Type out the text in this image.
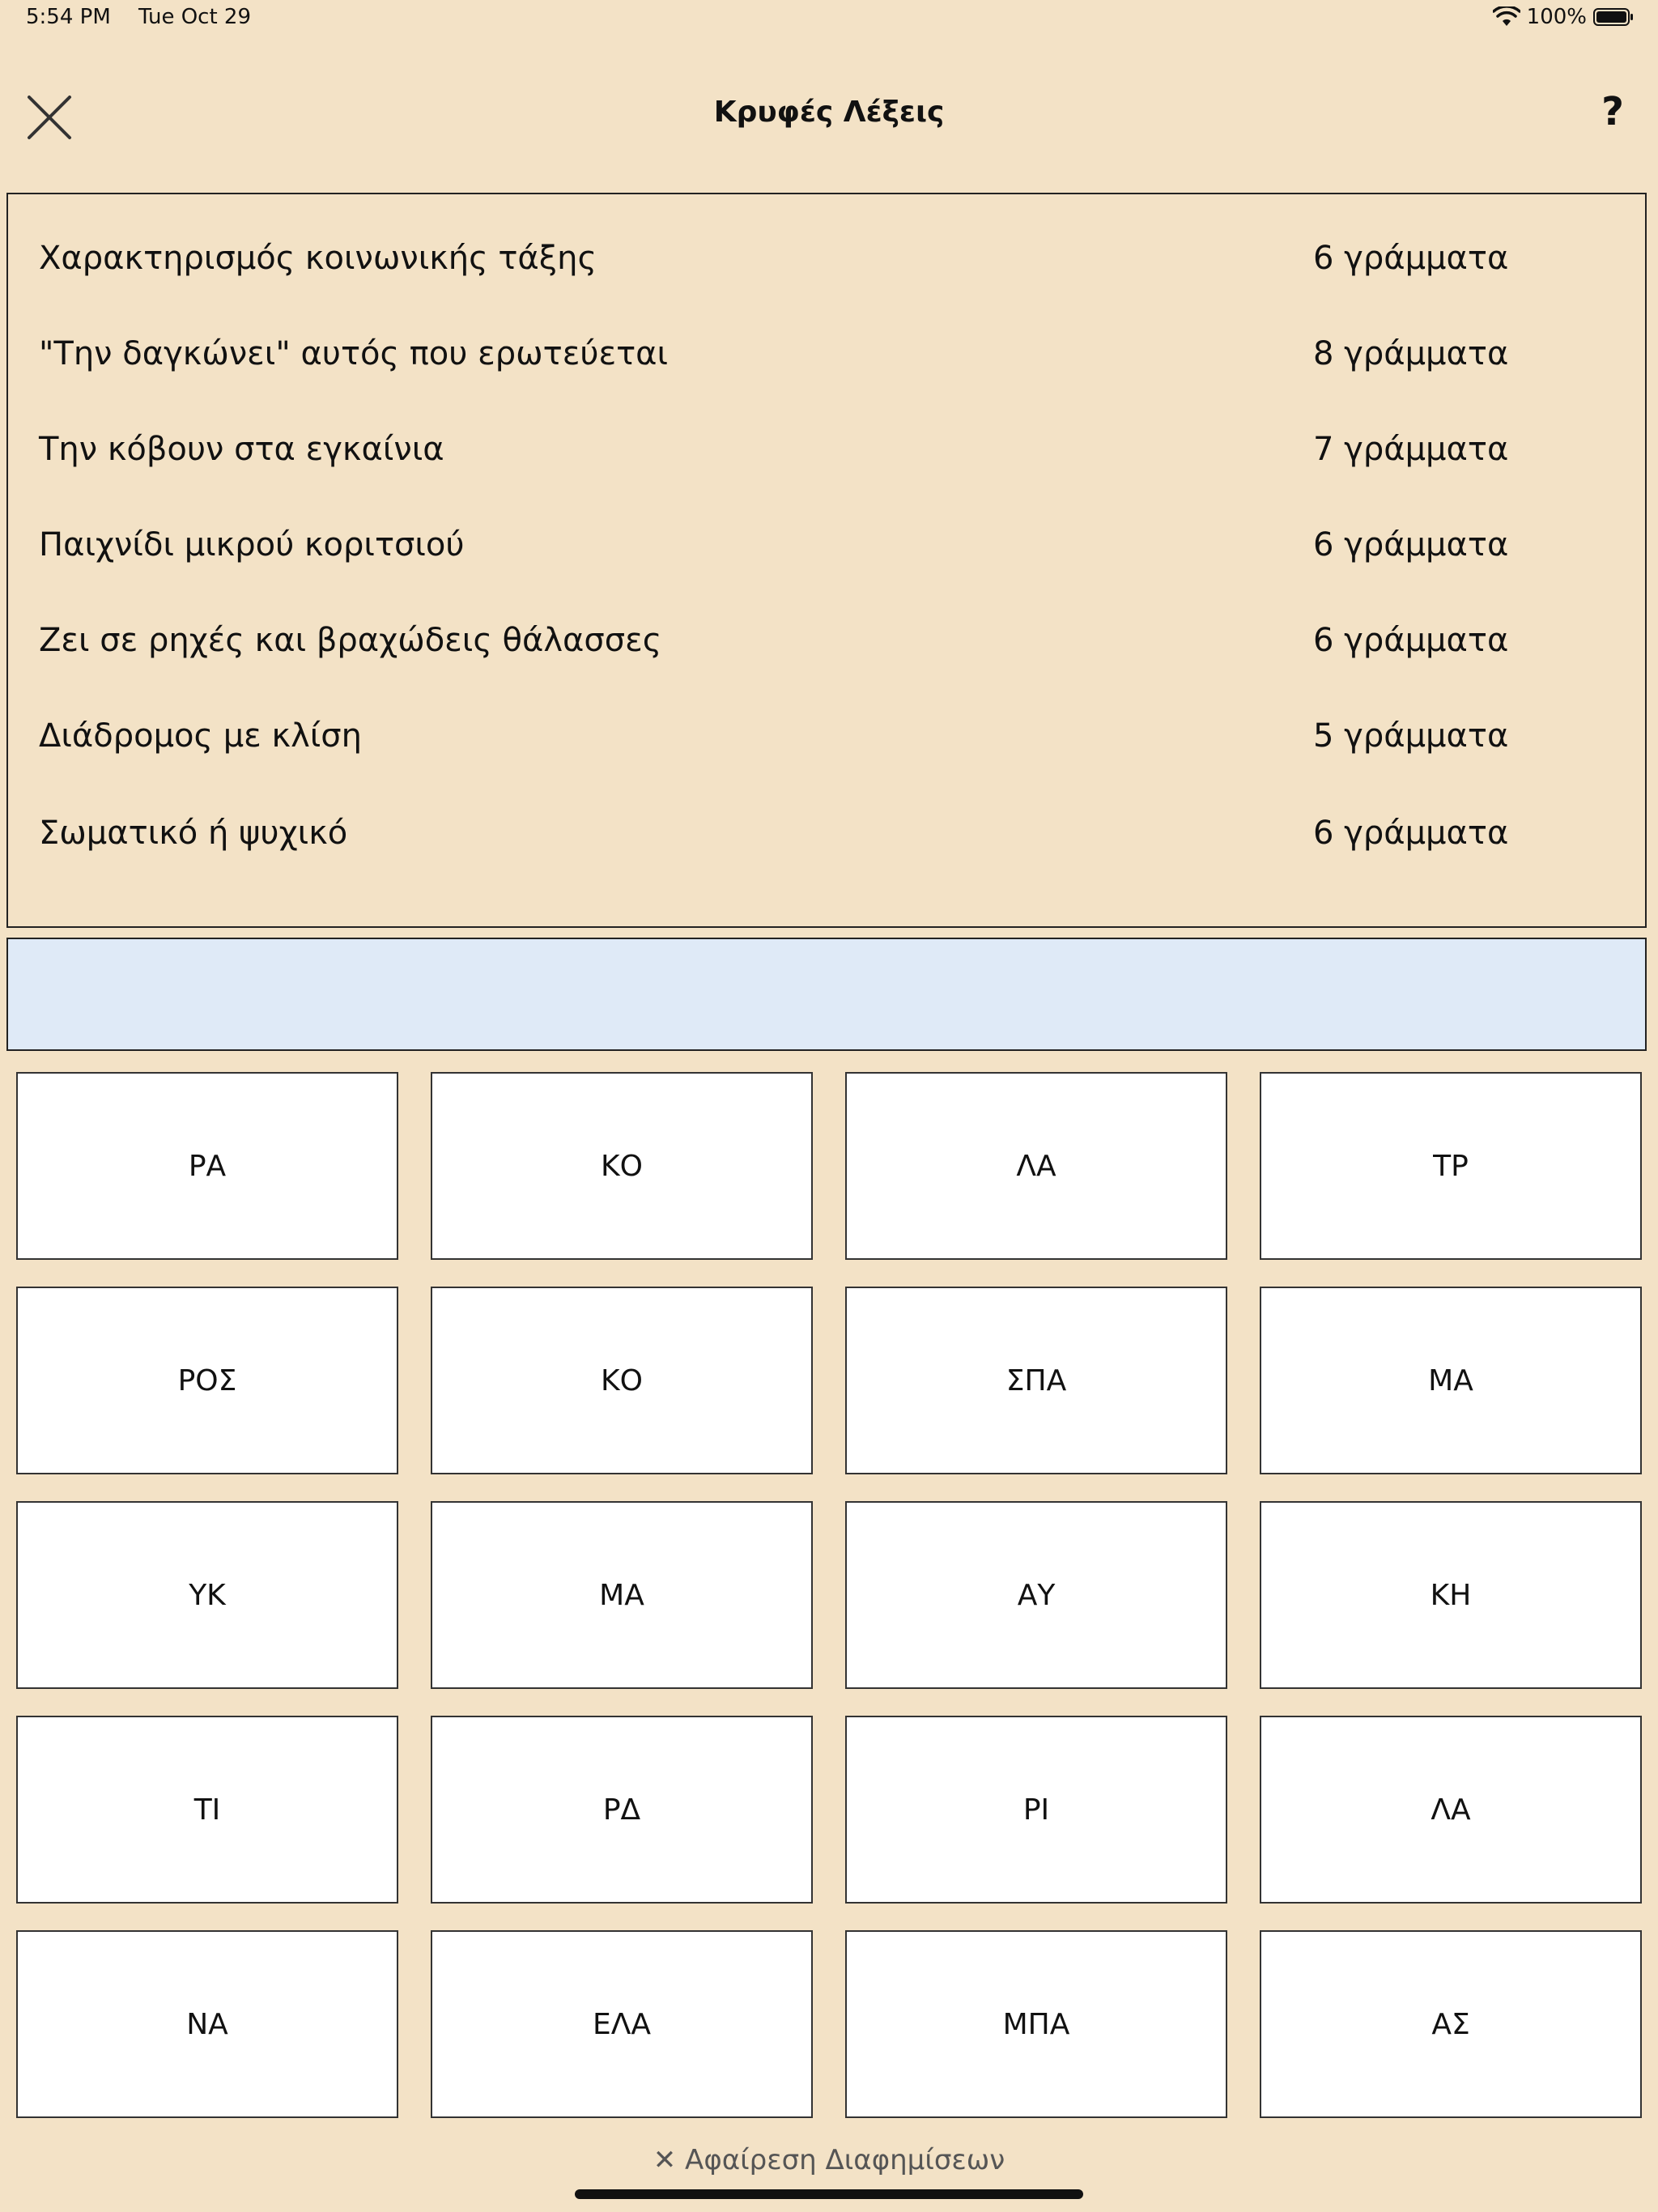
5:54 PM Tue Oct 29	100%
Κρυφές Λέξεις	?
Χαρακτηρισμός κοινωνικής τάξης	6 γράμματα
"Την δαγκώνει" αυτός που ερωτεύεται	8 γράμματα
Την κόβουν στα εγκαίνια	7 γράμματα
Παιχνίδι μικρού κοριτσιού	6 γράμματα
Ζει σε ρηχές και βραχώδεις θάλασσες	6 γράμματα
Διάδρομος με κλίση	5 γράμματα
Σωματικό ή ψυχικό	6 γράμματα
ΡΑ	ΚΟ	ΛΑ	ΤΡ
ΡΟΣ	ΚΟ	ΣΠΑ	ΜΑ
ΥΚ	ΜΑ	ΑΥ	ΚΗ
ΤΙ	ΡΔ	ΡΙ	ΛΑ
ΝΑ	ΕΛΑ	ΜΠΑ	ΑΣ
✕ Αφαίρεση Διαφημίσεων
